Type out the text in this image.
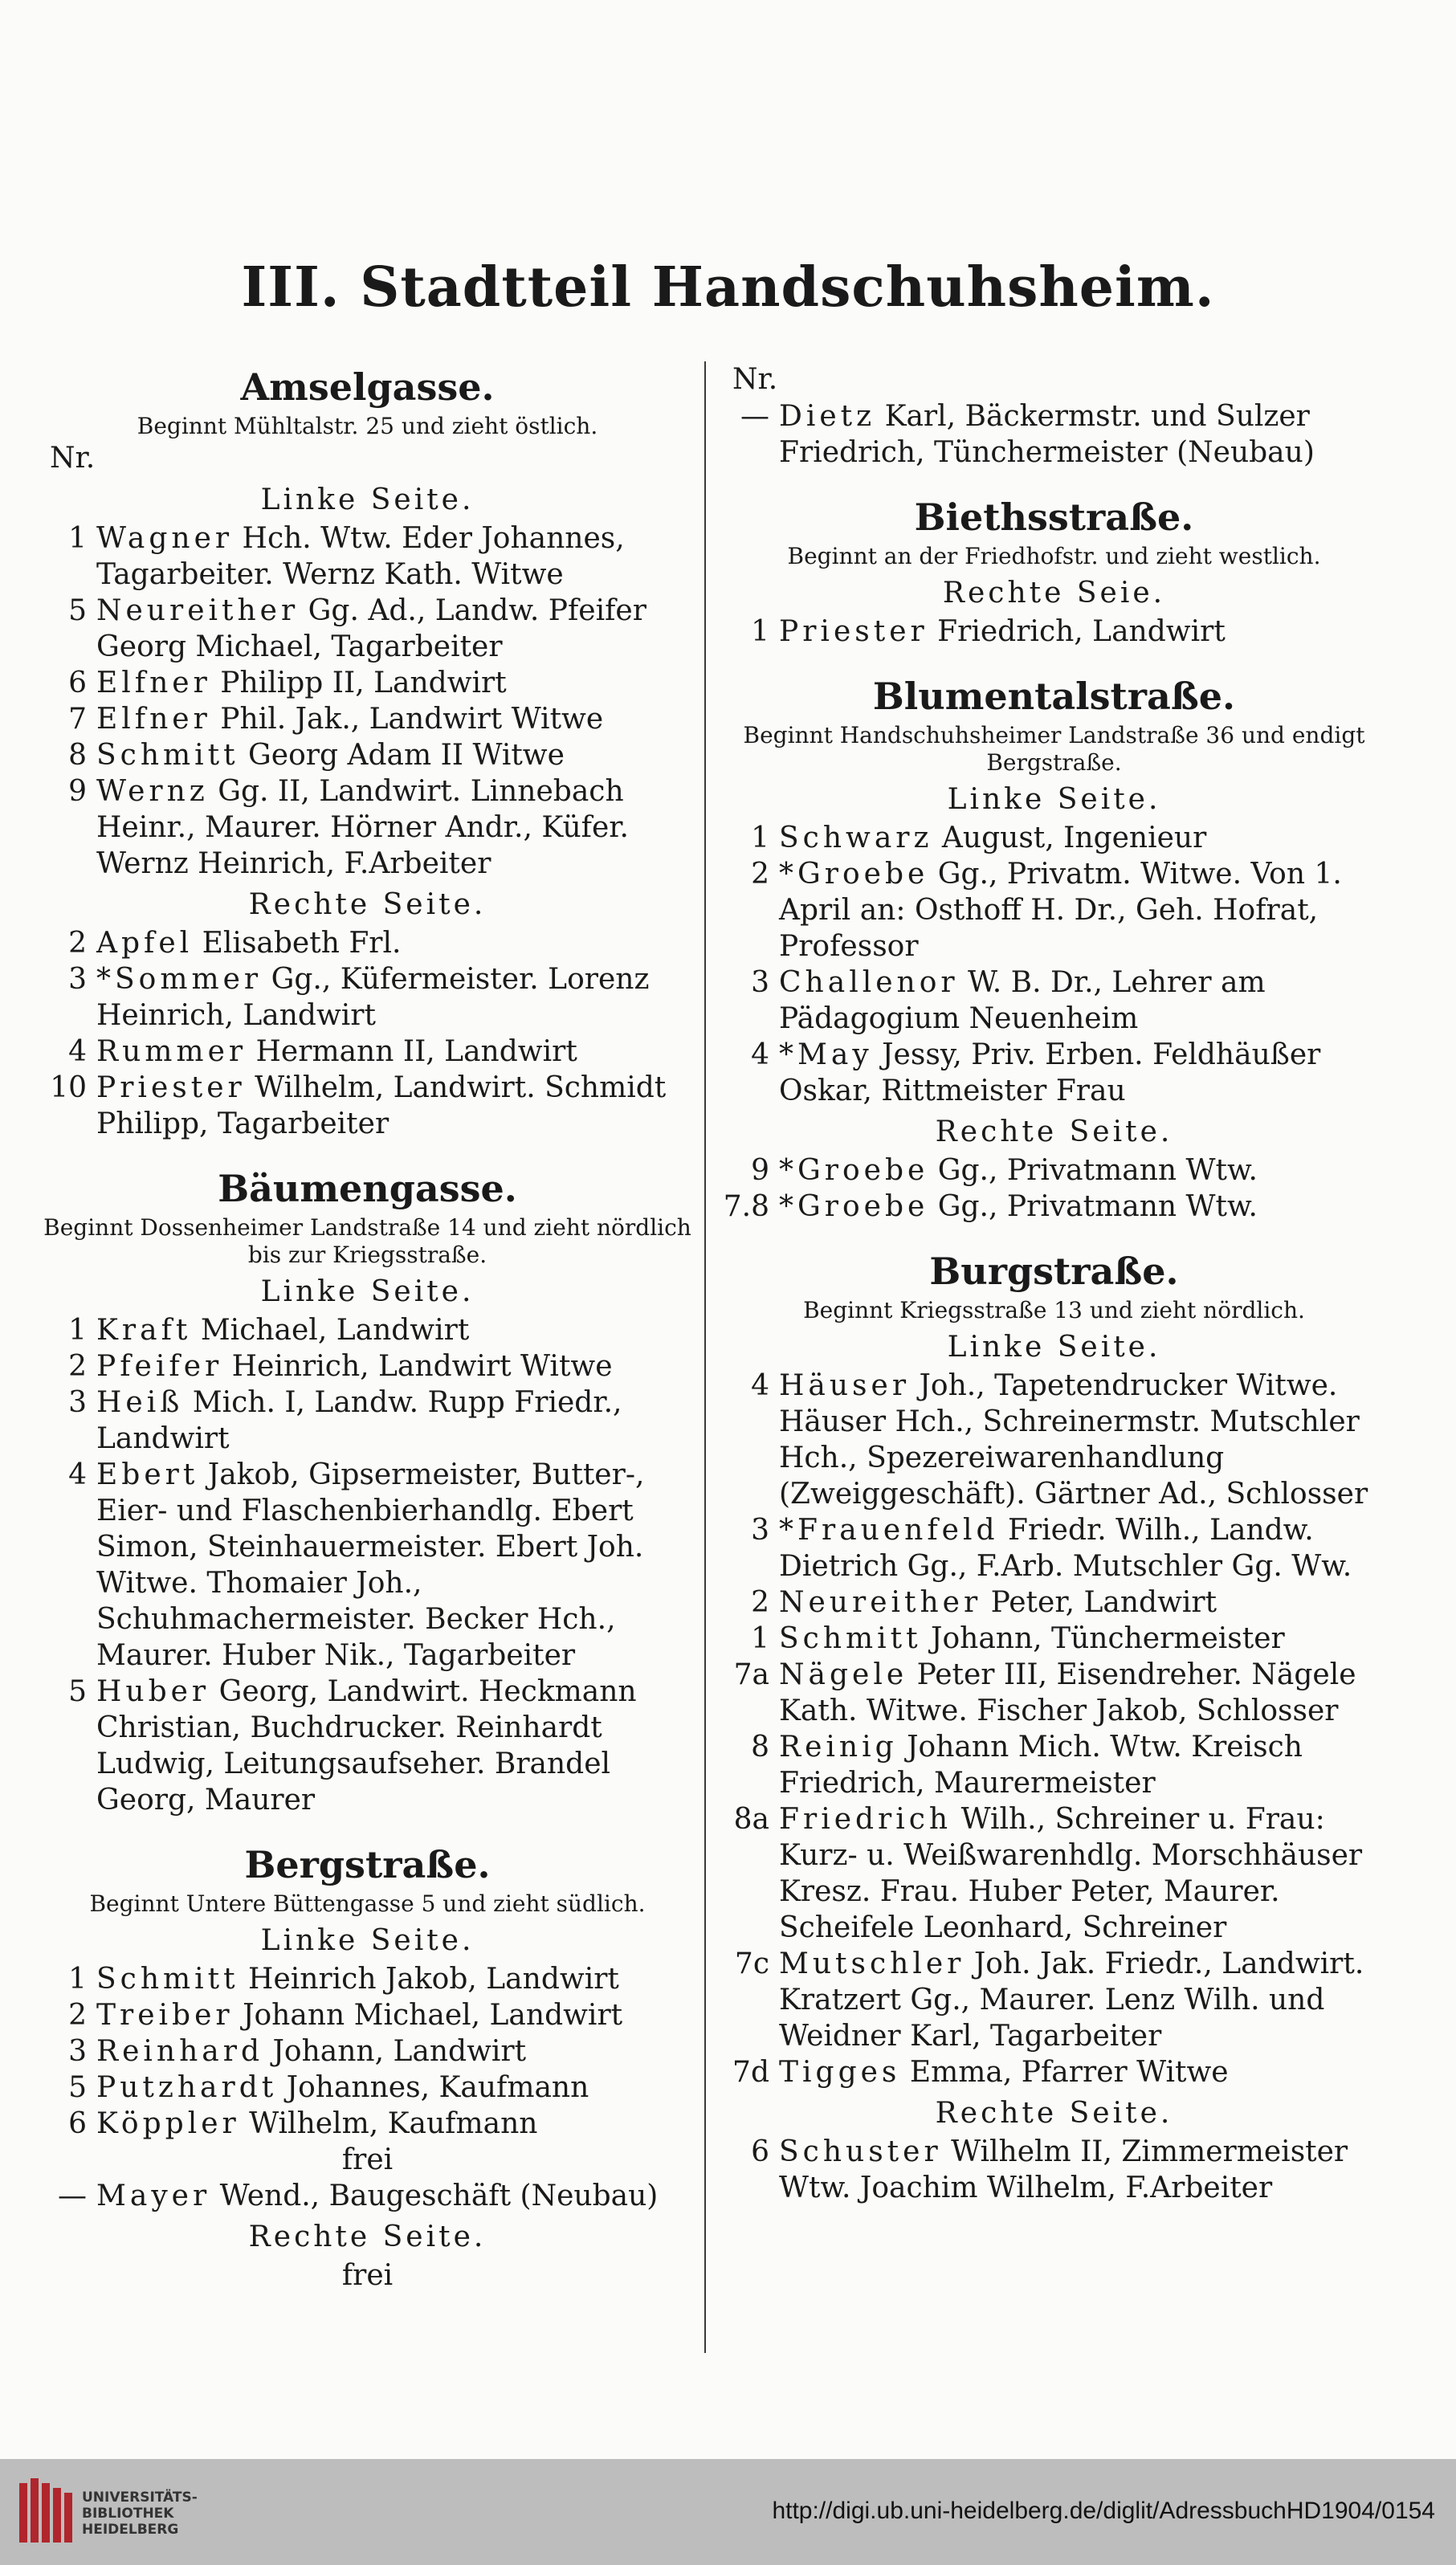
III. Stadtteil Handschuhsheim.
Amselgasse.
Beginnt Mühltalstr. 25 und zieht östlich.
Nr.
Linke Seite.
1 Wagner Hch. Wtw. Eder Johannes, Tagarbeiter. Wernz Kath. Witwe
5 Neureither Gg. Ad., Landw. Pfeifer Georg Michael, Tagarbeiter
6 Elfner Philipp II, Landwirt
7 Elfner Phil. Jak., Landwirt Witwe
8 Schmitt Georg Adam II Witwe
9 Wernz Gg. II, Landwirt. Linnebach Heinr., Maurer. Hörner Andr., Küfer. Wernz Heinrich, F.Arbeiter
Rechte Seite.
2 Apfel Elisabeth Frl.
3 *Sommer Gg., Küfermeister. Lorenz Heinrich, Landwirt
4 Rummer Hermann II, Landwirt
10 Priester Wilhelm, Landwirt. Schmidt Philipp, Tagarbeiter
Bäumengasse.
Beginnt Dossenheimer Landstraße 14 und zieht nördlich bis zur Kriegsstraße.
Linke Seite.
1 Kraft Michael, Landwirt
2 Pfeifer Heinrich, Landwirt Witwe
3 Heiß Mich. I, Landw. Rupp Friedr., Landwirt
4 Ebert Jakob, Gipsermeister, Butter-, Eier- und Flaschenbierhandlg. Ebert Simon, Steinhauermeister. Ebert Joh. Witwe. Thomaier Joh., Schuhmachermeister. Becker Hch., Maurer. Huber Nik., Tagarbeiter
5 Huber Georg, Landwirt. Heckmann Christian, Buchdrucker. Reinhardt Ludwig, Leitungsaufseher. Brandel Georg, Maurer
Bergstraße.
Beginnt Untere Büttengasse 5 und zieht südlich.
Linke Seite.
1 Schmitt Heinrich Jakob, Landwirt
2 Treiber Johann Michael, Landwirt
3 Reinhard Johann, Landwirt
5 Putzhardt Johannes, Kaufmann
6 Köppler Wilhelm, Kaufmann
frei
— Mayer Wend., Baugeschäft (Neubau)
Rechte Seite.
frei
Nr.
— Dietz Karl, Bäckermstr. und Sulzer Friedrich, Tünchermeister (Neubau)
Biethsstraße.
Beginnt an der Friedhofstr. und zieht westlich.
Rechte Seie.
1 Priester Friedrich, Landwirt
Blumentalstraße.
Beginnt Handschuhsheimer Landstraße 36 und endigt Bergstraße.
Linke Seite.
1 Schwarz August, Ingenieur
2 *Groebe Gg., Privatm. Witwe. Von 1. April an: Osthoff H. Dr., Geh. Hofrat, Professor
3 Challenor W. B. Dr., Lehrer am Pädagogium Neuenheim
4 *May Jessy, Priv. Erben. Feldhäußer Oskar, Rittmeister Frau
Rechte Seite.
9 *Groebe Gg., Privatmann Wtw.
7.8 *Groebe Gg., Privatmann Wtw.
Burgstraße.
Beginnt Kriegsstraße 13 und zieht nördlich.
Linke Seite.
4 Häuser Joh., Tapetendrucker Witwe. Häuser Hch., Schreinermstr. Mutschler Hch., Spezereiwarenhandlung (Zweiggeschäft). Gärtner Ad., Schlosser
3 *Frauenfeld Friedr. Wilh., Landw. Dietrich Gg., F.Arb. Mutschler Gg. Ww.
2 Neureither Peter, Landwirt
1 Schmitt Johann, Tünchermeister
7a Nägele Peter III, Eisendreher. Nägele Kath. Witwe. Fischer Jakob, Schlosser
8 Reinig Johann Mich. Wtw. Kreisch Friedrich, Maurermeister
8a Friedrich Wilh., Schreiner u. Frau: Kurz- u. Weißwarenhdlg. Morschhäuser Kresz. Frau. Huber Peter, Maurer. Scheifele Leonhard, Schreiner
7c Mutschler Joh. Jak. Friedr., Landwirt. Kratzert Gg., Maurer. Lenz Wilh. und Weidner Karl, Tagarbeiter
7d Tigges Emma, Pfarrer Witwe
Rechte Seite.
6 Schuster Wilhelm II, Zimmermeister Wtw. Joachim Wilhelm, F.Arbeiter
UNIVERSITÄTS-
BIBLIOTHEK
HEIDELBERG
http://digi.ub.uni-heidelberg.de/diglit/AdressbuchHD1904/0154
